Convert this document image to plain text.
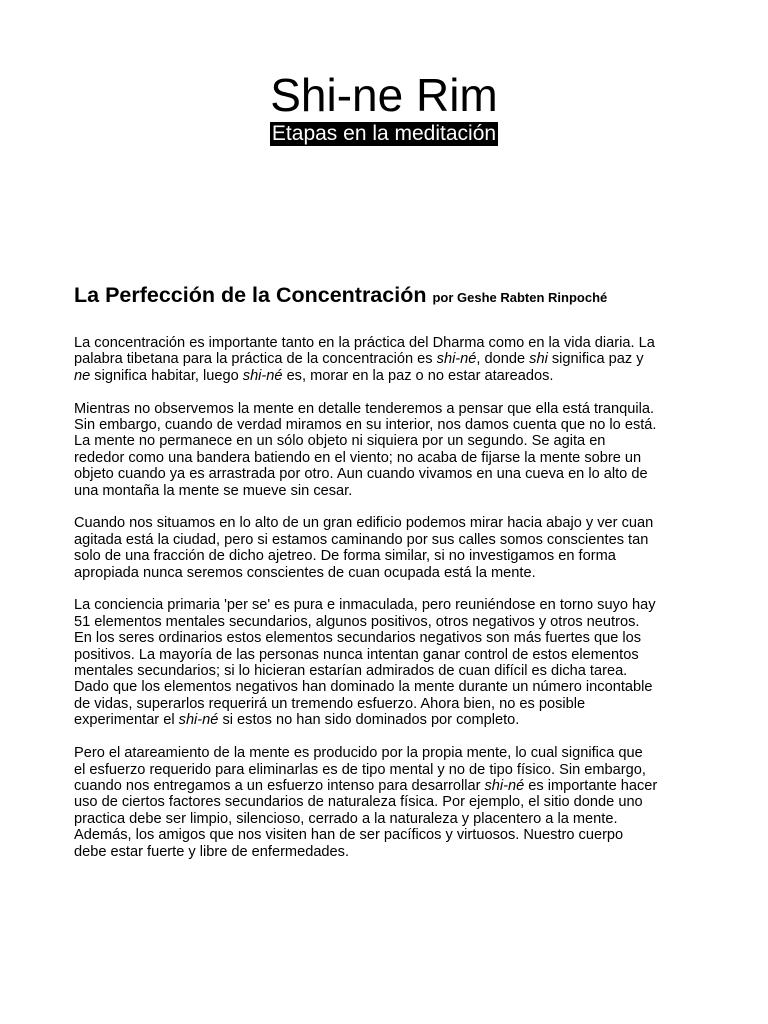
Shi-ne Rim
Etapas en la meditación
La Perfección de la Concentración por Geshe Rabten Rinpoché

La concentración es importante tanto en la práctica del Dharma como en la vida diaria. La
palabra tibetana para la práctica de la concentración es shi-né, donde shi significa paz y
ne significa habitar, luego shi-né es, morar en la paz o no estar atareados.

Mientras no observemos la mente en detalle tenderemos a pensar que ella está tranquila.
Sin embargo, cuando de verdad miramos en su interior, nos damos cuenta que no lo está.
La mente no permanece en un sólo objeto ni siquiera por un segundo. Se agita en
rededor como una bandera batiendo en el viento; no acaba de fijarse la mente sobre un
objeto cuando ya es arrastrada por otro. Aun cuando vivamos en una cueva en lo alto de
una montaña la mente se mueve sin cesar.

Cuando nos situamos en lo alto de un gran edificio podemos mirar hacia abajo y ver cuan
agitada está la ciudad, pero si estamos caminando por sus calles somos conscientes tan
solo de una fracción de dicho ajetreo. De forma similar, si no investigamos en forma
apropiada nunca seremos conscientes de cuan ocupada está la mente.

La conciencia primaria 'per se' es pura e inmaculada, pero reuniéndose en torno suyo hay
51 elementos mentales secundarios, algunos positivos, otros negativos y otros neutros.
En los seres ordinarios estos elementos secundarios negativos son más fuertes que los
positivos. La mayoría de las personas nunca intentan ganar control de estos elementos
mentales secundarios; si lo hicieran estarían admirados de cuan difícil es dicha tarea.
Dado que los elementos negativos han dominado la mente durante un número incontable
de vidas, superarlos requerirá un tremendo esfuerzo. Ahora bien, no es posible
experimentar el shi-né si estos no han sido dominados por completo.

Pero el atareamiento de la mente es producido por la propia mente, lo cual significa que
el esfuerzo requerido para eliminarlas es de tipo mental y no de tipo físico. Sin embargo,
cuando nos entregamos a un esfuerzo intenso para desarrollar shi-né es importante hacer
uso de ciertos factores secundarios de naturaleza física. Por ejemplo, el sitio donde uno
practica debe ser limpio, silencioso, cerrado a la naturaleza y placentero a la mente.
Además, los amigos que nos visiten han de ser pacíficos y virtuosos. Nuestro cuerpo
debe estar fuerte y libre de enfermedades.
